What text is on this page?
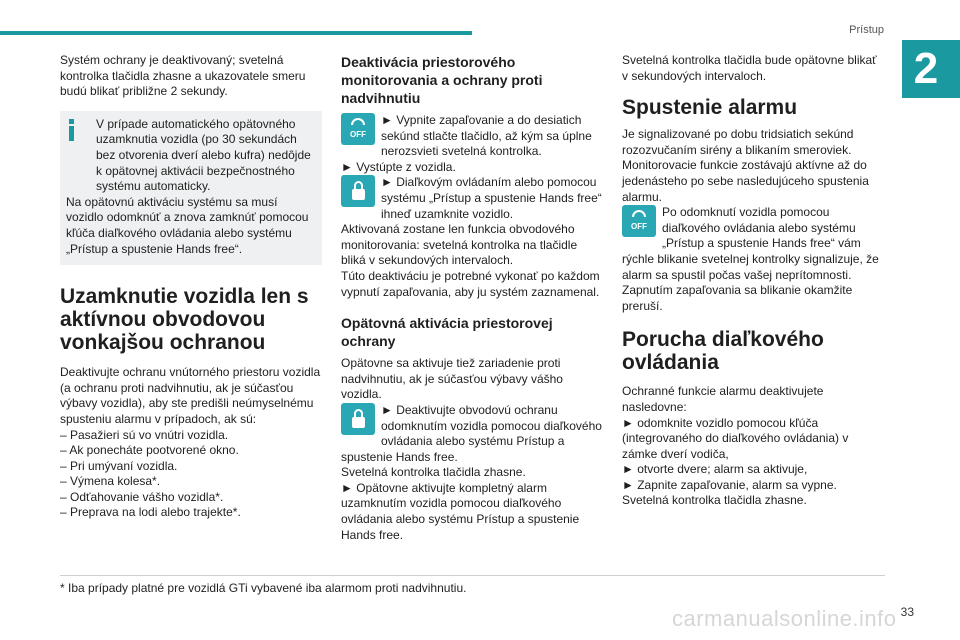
Prístup
2

Systém ochrany je deaktivovaný; svetelná kontrolka tlačidla zhasne a ukazovatele smeru budú blikať približne 2 sekundy.

V prípade automatického opätovného uzamknutia vozidla (po 30 sekundách bez otvorenia dverí alebo kufra) nedôjde k opätovnej aktivácii bezpečnostného systému automaticky.

Na opätovnú aktiváciu systému sa musí vozidlo odomknúť a znova zamknúť pomocou kľúča diaľkového ovládania alebo systému „Prístup a spustenie Hands free“.

Uzamknutie vozidla len s aktívnou obvodovou vonkajšou ochranou

Deaktivujte ochranu vnútorného priestoru vozidla (a ochranu proti nadvihnutiu, ak je súčasťou výbavy vozidla), aby ste predišli neúmyselnému spusteniu alarmu v prípadoch, ak sú:

– Pasažieri sú vo vnútri vozidla.

– Ak ponecháte pootvorené okno.

– Pri umývaní vozidla.

– Výmena kolesa*.

– Odťahovanie vášho vozidla*.

– Preprava na lodi alebo trajekte*.

Deaktivácia priestorového monitorovania a ochrany proti nadvihnutiu
OFF

► Vypnite zapaľovanie a do desiatich sekúnd stlačte tlačidlo, až kým sa úplne nerozsvieti svetelná kontrolka.

► Vystúpte z vozidla.

► Diaľkovým ovládaním alebo pomocou systému „Prístup a spustenie Hands free“ ihneď uzamknite vozidlo.

Aktivovaná zostane len funkcia obvodového monitorovania: svetelná kontrolka na tlačidle bliká v sekundových intervaloch.

Túto deaktiváciu je potrebné vykonať po každom vypnutí zapaľovania, aby ju systém zaznamenal.

Opätovná aktivácia priestorovej ochrany

Opätovne sa aktivuje tiež zariadenie proti nadvihnutiu, ak je súčasťou výbavy vášho vozidla.

► Deaktivujte obvodovú ochranu odomknutím vozidla pomocou diaľkového ovládania alebo systému Prístup a spustenie Hands free.

Svetelná kontrolka tlačidla zhasne.

► Opätovne aktivujte kompletný alarm uzamknutím vozidla pomocou diaľkového ovládania alebo systému Prístup a spustenie Hands free.

Svetelná kontrolka tlačidla bude opätovne blikať v sekundových intervaloch.

Spustenie alarmu

Je signalizované po dobu tridsiatich sekúnd rozozvučaním sirény a blikaním smeroviek. Monitorovacie funkcie zostávajú aktívne až do jedenásteho po sebe nasledujúceho spustenia alarmu.

OFF

Po odomknutí vozidla pomocou diaľkového ovládania alebo systému „Prístup a spustenie Hands free“ vám rýchle blikanie svetelnej kontrolky signalizuje, že alarm sa spustil počas vašej neprítomnosti.

Zapnutím zapaľovania sa blikanie okamžite preruší.

Porucha diaľkového ovládania

Ochranné funkcie alarmu deaktivujete nasledovne:

► odomknite vozidlo pomocou kľúča (integrovaného do diaľkového ovládania) v zámke dverí vodiča,

► otvorte dvere; alarm sa aktivuje,

► Zapnite zapaľovanie, alarm sa vypne.

Svetelná kontrolka tlačidla zhasne.

* Iba prípady platné pre vozidlá GTi vybavené iba alarmom proti nadvihnutiu.
carmanualsonline.info 33
